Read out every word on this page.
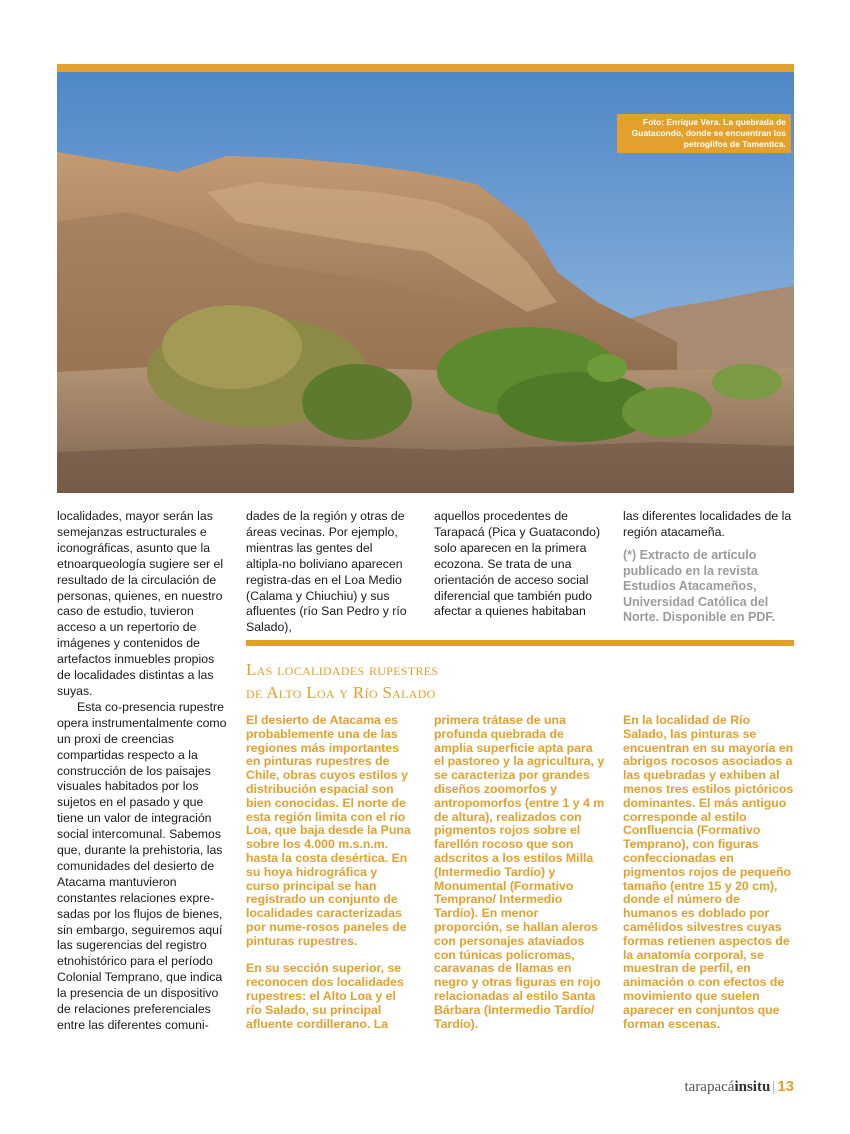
Foto: Enrique Vera. La quebrada de Guatacondo, donde se encuentran los petroglifos de Tamentica.

localidades, mayor serán las semejanzas estructurales e iconográficas, asunto que la etnoarqueología sugiere ser el resultado de la circulación de personas, quienes, en nuestro caso de estudio, tuvieron acceso a un repertorio de imágenes y contenidos de artefactos inmuebles propios de localidades distintas a las suyas.

Esta co-presencia rupestre opera instrumentalmente como un proxi de creencias compartidas respecto a la construcción de los paisajes visuales habitados por los sujetos en el pasado y que tiene un valor de integración social intercomunal. Sabemos que, durante la prehistoria, las comunidades del desierto de Atacama mantuvieron constantes relaciones expre-sadas por los flujos de bienes, sin embargo, seguiremos aquí las sugerencias del registro etnohistórico para el período Colonial Temprano, que indica la presencia de un dispositivo de relaciones preferenciales entre las diferentes comuni-

dades de la región y otras de áreas vecinas. Por ejemplo, mientras las gentes del altipla-no boliviano aparecen registra-das en el Loa Medio (Calama y Chiuchiu) y sus afluentes (río San Pedro y río Salado),

aquellos procedentes de Tarapacá (Pica y Guatacondo) solo aparecen en la primera ecozona. Se trata de una orientación de acceso social diferencial que también pudo afectar a quienes habitaban

las diferentes localidades de la región atacameña.

(*) Extracto de artículo publicado en la revista Estudios Atacameños, Universidad Católica del Norte. Disponible en PDF.
Las localidades rupestres
de Alto Loa y Río Salado

El desierto de Atacama es probablemente una de las regiones más importantes en pinturas rupestres de Chile, obras cuyos estilos y distribución espacial son bien conocidas. El norte de esta región limita con el río Loa, que baja desde la Puna sobre los 4.000 m.s.n.m. hasta la costa desértica. En su hoya hidrográfica y curso principal se han registrado un conjunto de localidades caracterizadas por nume-rosos paneles de pinturas rupestres.

En su sección superior, se reconocen dos localidades rupestres: el Alto Loa y el río Salado, su principal afluente cordillerano. La

primera trátase de una profunda quebrada de amplia superficie apta para el pastoreo y la agricultura, y se caracteriza por grandes diseños zoomorfos y antropomorfos (entre 1 y 4 m de altura), realizados con pigmentos rojos sobre el farellón rocoso que son adscritos a los estilos Milla (Intermedio Tardío) y Monumental (Formativo Temprano/ Intermedio Tardío). En menor proporción, se hallan aleros con personajes ataviados con túnicas policromas, caravanas de llamas en negro y otras figuras en rojo relacionadas al estilo Santa Bárbara (Intermedio Tardío/ Tardío).

En la localidad de Río Salado, las pinturas se encuentran en su mayoría en abrigos rocosos asociados a las quebradas y exhiben al menos tres estilos pictóricos dominantes. El más antiguo corresponde al estilo Confluencia (Formativo Temprano), con figuras confeccionadas en pigmentos rojos de pequeño tamaño (entre 15 y 20 cm), donde el número de humanos es doblado por camélidos silvestres cuyas formas retienen aspectos de la anatomía corporal, se muestran de perfil, en animación o con efectos de movimiento que suelen aparecer en conjuntos que forman escenas.

tarapacáinsitu | 13
